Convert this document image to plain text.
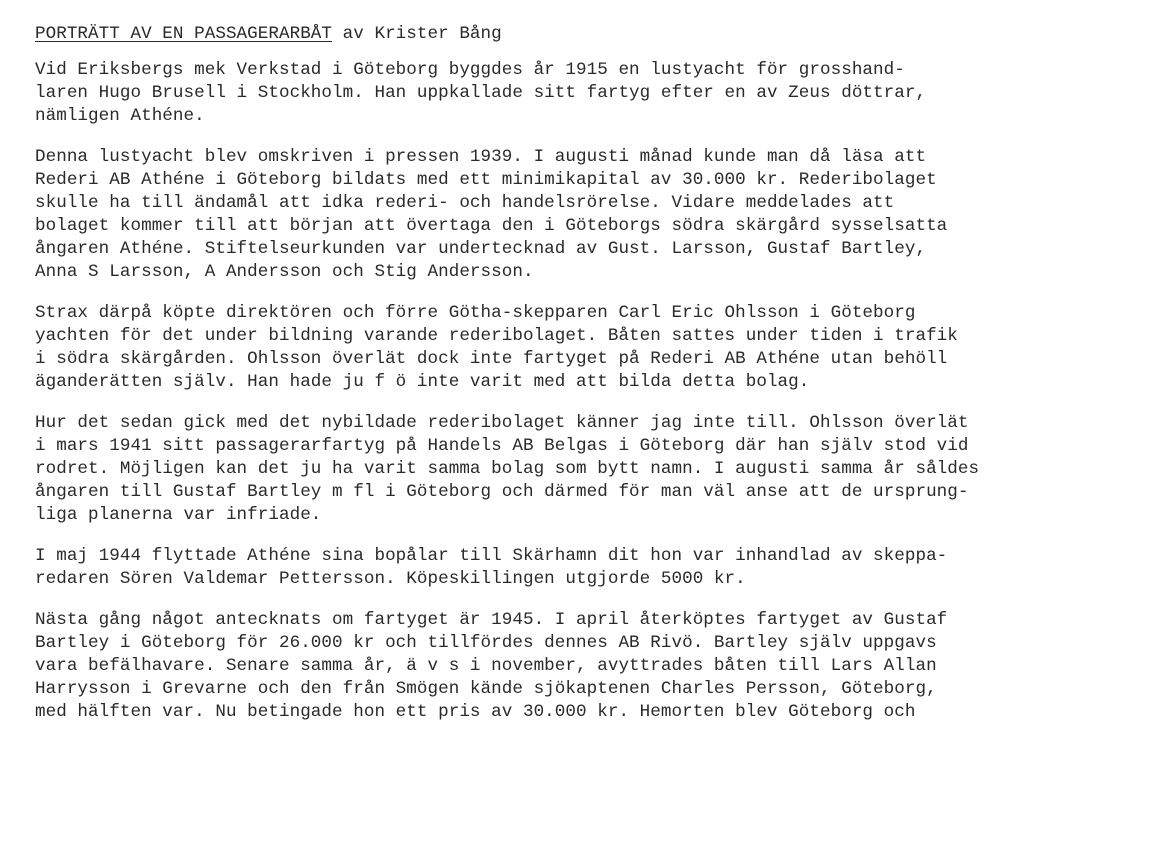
PORTRÄTT AV EN PASSAGERARBÅT av Krister Bång
Vid Eriksbergs mek Verkstad i Göteborg byggdes år 1915 en lustyacht för grosshand-
laren Hugo Brusell i Stockholm. Han uppkallade sitt fartyg efter en av Zeus döttrar,
nämligen Athéne.
Denna lustyacht blev omskriven i pressen 1939. I augusti månad kunde man då läsa att
Rederi AB Athéne i Göteborg bildats med ett minimikapital av 30.000 kr. Rederibolaget
skulle ha till ändamål att idka rederi- och handelsrörelse. Vidare meddelades att
bolaget kommer till att början att övertaga den i Göteborgs södra skärgård sysselsatta
ångaren Athéne. Stiftelseurkunden var undertecknad av Gust. Larsson, Gustaf Bartley,
Anna S Larsson, A Andersson och Stig Andersson.
Strax därpå köpte direktören och förre Götha-skepparen Carl Eric Ohlsson i Göteborg
yachten för det under bildning varande rederibolaget. Båten sattes under tiden i trafik
i södra skärgården. Ohlsson överlät dock inte fartyget på Rederi AB Athéne utan behöll
äganderätten själv. Han hade ju f ö inte varit med att bilda detta bolag.
Hur det sedan gick med det nybildade rederibolaget känner jag inte till. Ohlsson överlät
i mars 1941 sitt passagerarfartyg på Handels AB Belgas i Göteborg där han själv stod vid
rodret. Möjligen kan det ju ha varit samma bolag som bytt namn. I augusti samma år såldes
ångaren till Gustaf Bartley m fl i Göteborg och därmed för man väl anse att de ursprung-
liga planerna var infriade.
I maj 1944 flyttade Athéne sina bopålar till Skärhamn dit hon var inhandlad av skeppa-
redaren Sören Valdemar Pettersson. Köpeskillingen utgjorde 5000 kr.
Nästa gång något antecknats om fartyget är 1945. I april återköptes fartyget av Gustaf
Bartley i Göteborg för 26.000 kr och tillfördes dennes AB Rivö. Bartley själv uppgavs
vara befälhavare. Senare samma år, ä v s i november, avyttrades båten till Lars Allan
Harrysson i Grevarne och den från Smögen kände sjökaptenen Charles Persson, Göteborg,
med hälften var. Nu betingade hon ett pris av 30.000 kr. Hemorten blev Göteborg och
